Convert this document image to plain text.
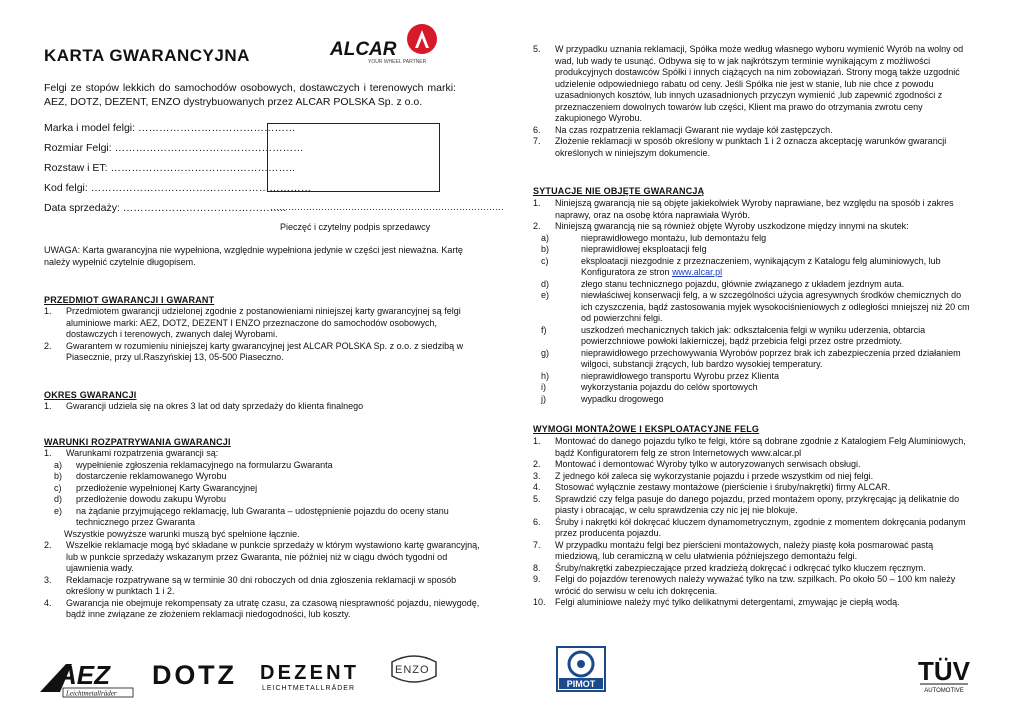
ALCAR
YOUR WHEEL PARTNER
KARTA GWARANCYJNA
Felgi ze stopów lekkich do samochodów osobowych, dostawczych i terenowych marki: AEZ, DOTZ, DEZENT, ENZO dystrybuowanych przez ALCAR POLSKA Sp. z o.o.
Marka i model felgi: ………………………………………
Rozmiar Felgi: ………………………………………………
Rozstaw i ET: ……………………………………………..
Kod felgi: ………………………………………………………
Data sprzedaży: ………………………………………..
……………………………………………………………………
Pieczęć i czytelny podpis sprzedawcy
UWAGA: Karta gwarancyjna nie wypełniona, względnie wypełniona jedynie w części jest nieważna. Kartę należy wypełnić czytelnie długopisem.
PRZEDMIOT GWARANCJI I GWARANT
1.	Przedmiotem gwarancji udzielonej zgodnie z postanowieniami niniejszej karty gwarancyjnej są felgi aluminiowe marki: AEZ, DOTZ, DEZENT I ENZO przeznaczone do samochodów osobowych, dostawczych i terenowych, zwanych dalej Wyrobami.
2.	Gwarantem w rozumieniu niniejszej karty gwarancyjnej jest ALCAR POLSKA Sp. z o.o. z siedzibą w Piasecznie, przy ul.Raszyńskiej 13, 05-500 Piaseczno.
OKRES GWARANCJI
1.	Gwarancji udziela się na okres 3 lat od daty sprzedaży do klienta finalnego
WARUNKI ROZPATRYWANIA GWARANCJI
1.	Warunkami rozpatrzenia gwarancji są:
a)	wypełnienie zgłoszenia reklamacyjnego na formularzu Gwaranta
b)	dostarczenie reklamowanego Wyrobu
c)	przedłożenie wypełnionej Karty Gwarancyjnej
d)	przedłożenie dowodu zakupu Wyrobu
e)	na żądanie przyjmującego reklamację, lub Gwaranta – udostępnienie pojazdu do oceny stanu technicznego przez Gwaranta
Wszystkie powyższe warunki muszą być spełnione łącznie.
2.	Wszelkie reklamacje mogą być składane w punkcie sprzedaży w którym wystawiono kartę gwarancyjną, lub w punkcie sprzedaży wskazanym przez Gwaranta, nie później niż w ciągu dwóch tygodni od ujawnienia wady.
3.	Reklamacje rozpatrywane są w terminie 30 dni roboczych od dnia zgłoszenia reklamacji w sposób określony w punktach 1 i 2.
4.	Gwarancja nie obejmuje rekompensaty za utratę czasu, za czasową niesprawność pojazdu, niewygodę, bądź inne związane ze złożeniem reklamacji niedogodności, lub koszty.
5.	W przypadku uznania reklamacji, Spółka może według własnego wyboru wymienić Wyrób na wolny od wad, lub wady te usunąć. Odbywa się to w jak najkrótszym terminie wynikającym z możliwości produkcyjnych dostawców Spółki i innych ciążących na nim zobowiązań. Strony mogą także uzgodnić udzielenie odpowiedniego rabatu od ceny. Jeśli Spółka nie jest w stanie, lub nie chce z powodu uzasadnionych kosztów, lub innych uzasadnionych przyczyn wymienić ,lub zapewnić zgodności z przeznaczeniem dowolnych towarów lub części, Klient ma prawo do otrzymania zwrotu ceny zakupionego Wyrobu.
6.	Na czas rozpatrzenia reklamacji Gwarant nie wydaje kół zastępczych.
7.	Złożenie reklamacji w sposób określony w punktach 1 i 2 oznacza akceptację warunków gwarancji określonych w niniejszym dokumencie.
SYTUACJE NIE OBJĘTE GWARANCJĄ
1.	Niniejszą gwarancją nie są objęte jakiekolwiek Wyroby naprawiane, bez względu na sposób i zakres naprawy, oraz na osobę która naprawiała Wyrób.
2.	Niniejszą gwarancją nie są również objęte Wyroby uszkodzone między innymi na skutek:
a)	nieprawidłowego montażu, lub demontażu felg
b)	nieprawidłowej eksploatacji felg
c)	eksploatacji niezgodnie z przeznaczeniem, wynikającym z Katalogu felg aluminiowych, lub Konfiguratora ze stron www.alcar.pl
d)	złego stanu technicznego pojazdu, głównie związanego z układem jezdnym auta.
e)	niewłaściwej konserwacji felg, a w szczególności użycia agresywnych środków chemicznych do ich czyszczenia, bądź zastosowania myjek wysokociśnieniowych z odległości mniejszej niż 20 cm od powierzchni felgi.
f)	uszkodzeń mechanicznych takich jak: odkształcenia felgi w wyniku uderzenia, obtarcia powierzchniowe powłoki lakierniczej, bądź przebicia felgi przez ostre przedmioty.
g)	nieprawidłowego przechowywania Wyrobów poprzez brak ich zabezpieczenia przed działaniem wilgoci, substancji żrących, lub bardzo wysokiej temperatury.
h)	nieprawidłowego transportu Wyrobu przez Klienta
i)	wykorzystania pojazdu do celów sportowych
j)	wypadku drogowego
WYMOGI MONTAŻOWE I EKSPLOATACYJNE FELG
1.	Montować do danego pojazdu tylko te felgi, które są dobrane zgodnie z Katalogiem Felg Aluminiowych, bądź Konfiguratorem felg ze stron Internetowych www.alcar.pl
2.	Montować i demontować Wyroby tylko w autoryzowanych serwisach obsługi.
3.	Z jednego kół zaleca się wykorzystanie pojazdu i przede wszystkim od niej felgi.
4.	Stosować wyłącznie zestawy montażowe (pierścienie i śruby/nakrętki) firmy ALCAR.
5.	Sprawdzić czy felga pasuje do danego pojazdu, przed montażem opony, przykręcając ją delikatnie do piasty i obracając, w celu sprawdzenia czy nic jej nie blokuje.
6.	Śruby i nakrętki kół dokręcać kluczem dynamometrycznym, zgodnie z momentem dokręcania podanym przez producenta pojazdu.
7.	W przypadku montażu felgi bez pierścieni montażowych, należy piastę koła posmarować pastą miedziową, lub ceramiczną w celu ułatwienia późniejszego demontażu felgi.
8.	Śruby/nakrętki zabezpieczające przed kradzieżą dokręcać i odkręcać tylko kluczem ręcznym.
9.	Felgi do pojazdów terenowych należy wyważać tylko na tzw. szpilkach. Po około 50 – 100 km należy wrócić do serwisu w celu ich dokręcenia.
10.	Felgi aluminiowe należy myć tylko delikatnymi detergentami, zmywając je ciepłą wodą.
AEZ
Leichtmetallräder
DOTZ DEZENT
LEICHTMETALLRÄDER
ENZO
PIMOT	TÜV
AUTOMOTIVE
